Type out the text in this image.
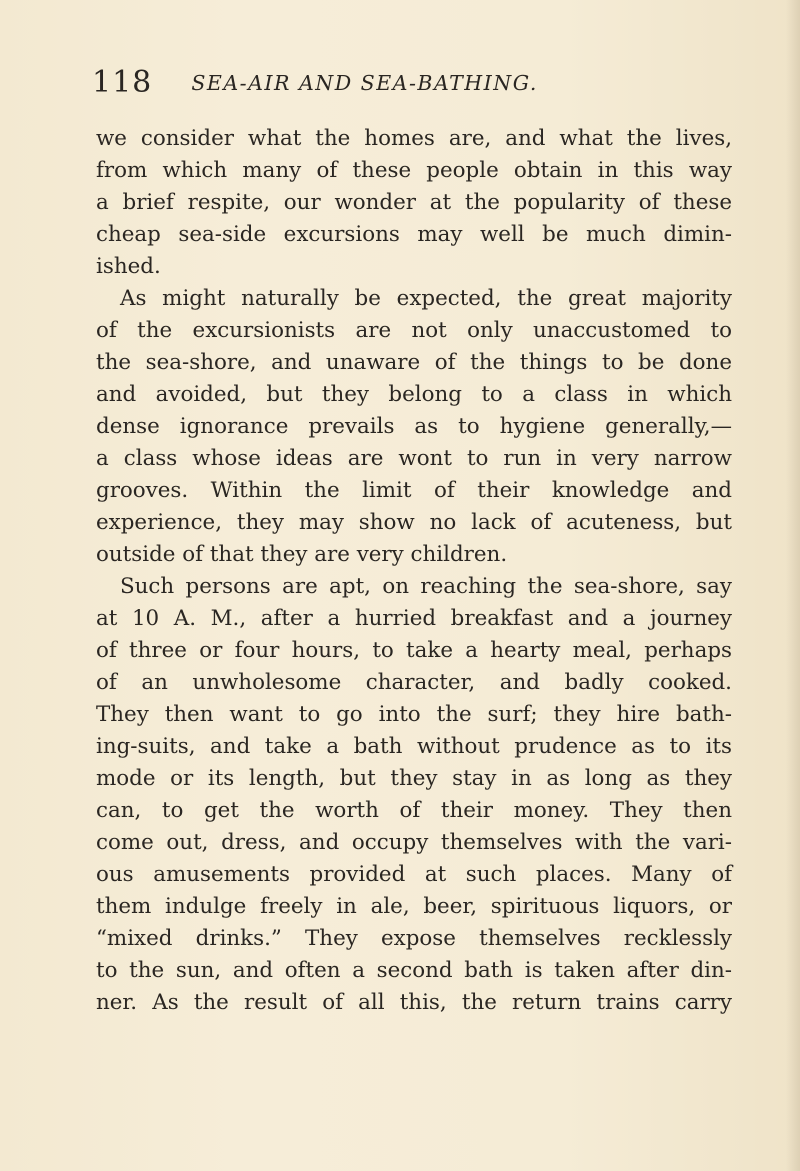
118 SEA-AIR AND SEA-BATHING.
we consider what the homes are, and what the lives,
from which many of these people obtain in this way
a brief respite, our wonder at the popularity of these
cheap sea-side excursions may well be much dimin-
ished.
As might naturally be expected, the great majority
of the excursionists are not only unaccustomed to
the sea-shore, and unaware of the things to be done
and avoided, but they belong to a class in which
dense ignorance prevails as to hygiene generally,—
a class whose ideas are wont to run in very narrow
grooves. Within the limit of their knowledge and
experience, they may show no lack of acuteness, but
outside of that they are very children.
Such persons are apt, on reaching the sea-shore, say
at 10 A. M., after a hurried breakfast and a journey
of three or four hours, to take a hearty meal, perhaps
of an unwholesome character, and badly cooked.
They then want to go into the surf; they hire bath-
ing-suits, and take a bath without prudence as to its
mode or its length, but they stay in as long as they
can, to get the worth of their money. They then
come out, dress, and occupy themselves with the vari-
ous amusements provided at such places. Many of
them indulge freely in ale, beer, spirituous liquors, or
“mixed drinks.” They expose themselves recklessly
to the sun, and often a second bath is taken after din-
ner. As the result of all this, the return trains carry
